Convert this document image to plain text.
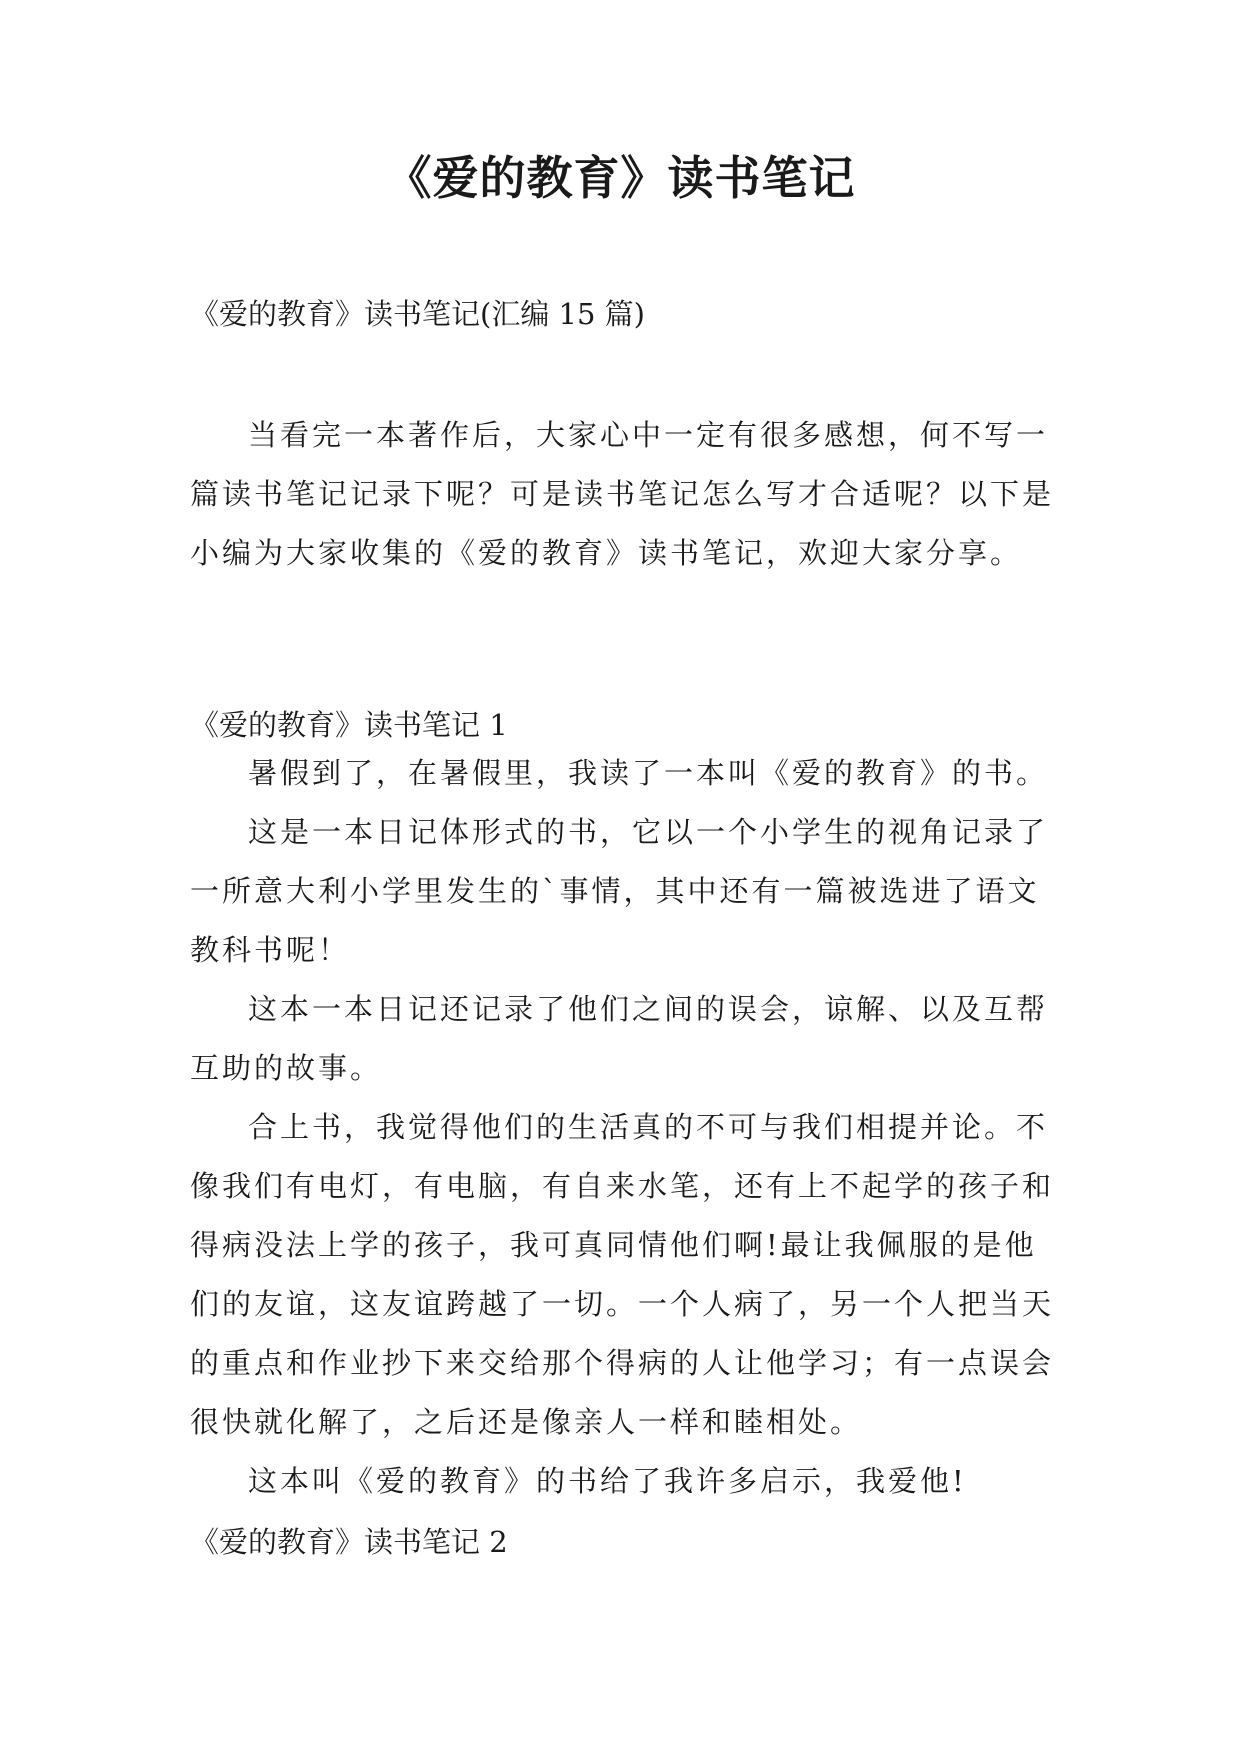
《爱的教育》读书笔记
《爱的教育》读书笔记(汇编 15 篇)

当看完一本著作后，大家心中一定有很多感想，何不写一篇读书笔记记录下呢？可是读书笔记怎么写才合适呢？以下是小编为大家收集的《爱的教育》读书笔记，欢迎大家分享。

《爱的教育》读书笔记 1

暑假到了，在暑假里，我读了一本叫《爱的教育》的书。

这是一本日记体形式的书，它以一个小学生的视角记录了一所意大利小学里发生的`事情，其中还有一篇被选进了语文教科书呢！

这本一本日记还记录了他们之间的误会，谅解、以及互帮互助的故事。

合上书，我觉得他们的生活真的不可与我们相提并论。不像我们有电灯，有电脑，有自来水笔，还有上不起学的孩子和得病没法上学的孩子，我可真同情他们啊!最让我佩服的是他们的友谊，这友谊跨越了一切。一个人病了，另一个人把当天的重点和作业抄下来交给那个得病的人让他学习；有一点误会很快就化解了，之后还是像亲人一样和睦相处。

这本叫《爱的教育》的书给了我许多启示，我爱他!

《爱的教育》读书笔记 2
